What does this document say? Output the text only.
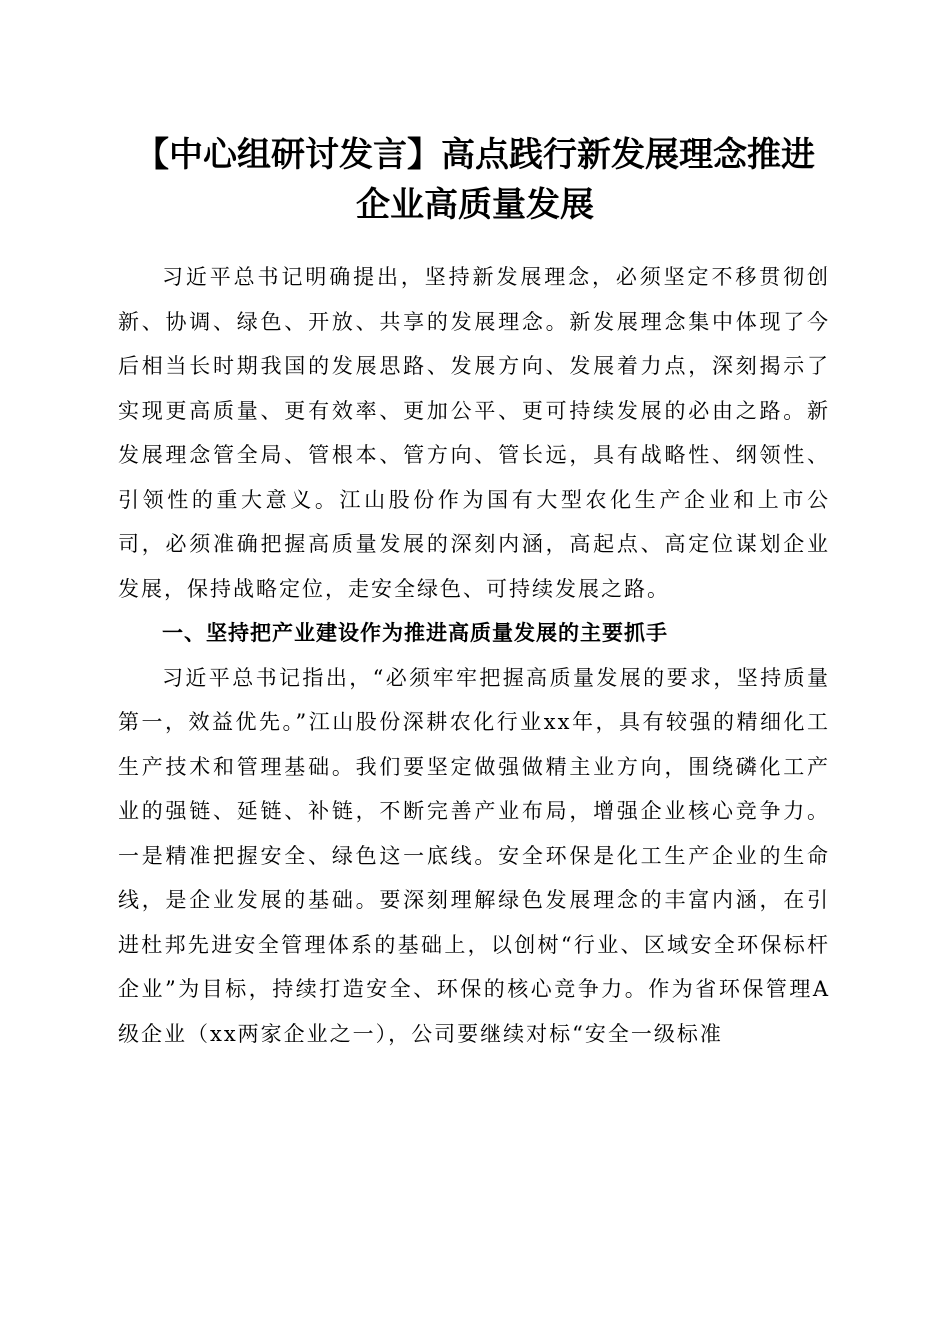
【中心组研讨发言】高点践行新发展理念推进
企业高质量发展

习近平总书记明确提出，坚持新发展理念，必须坚定不移贯彻创新、协调、绿色、开放、共享的发展理念。新发展理念集中体现了今后相当长时期我国的发展思路、发展方向、发展着力点，深刻揭示了实现更高质量、更有效率、更加公平、更可持续发展的必由之路。新发展理念管全局、管根本、管方向、管长远，具有战略性、纲领性、引领性的重大意义。江山股份作为国有大型农化生产企业和上市公司，必须准确把握高质量发展的深刻内涵，高起点、高定位谋划企业发展，保持战略定位，走安全绿色、可持续发展之路。

一、坚持把产业建设作为推进高质量发展的主要抓手

习近平总书记指出，“必须牢牢把握高质量发展的要求，坚持质量第一，效益优先。”江山股份深耕农化行业xx年，具有较强的精细化工生产技术和管理基础。我们要坚定做强做精主业方向，围绕磷化工产业的强链、延链、补链，不断完善产业布局，增强企业核心竞争力。一是精准把握安全、绿色这一底线。安全环保是化工生产企业的生命线，是企业发展的基础。要深刻理解绿色发展理念的丰富内涵，在引进杜邦先进安全管理体系的基础上，以创树“行业、区域安全环保标杆企业”为目标，持续打造安全、环保的核心竞争力。作为省环保管理A级企业（xx两家企业之一），公司要继续对标“安全一级标准
